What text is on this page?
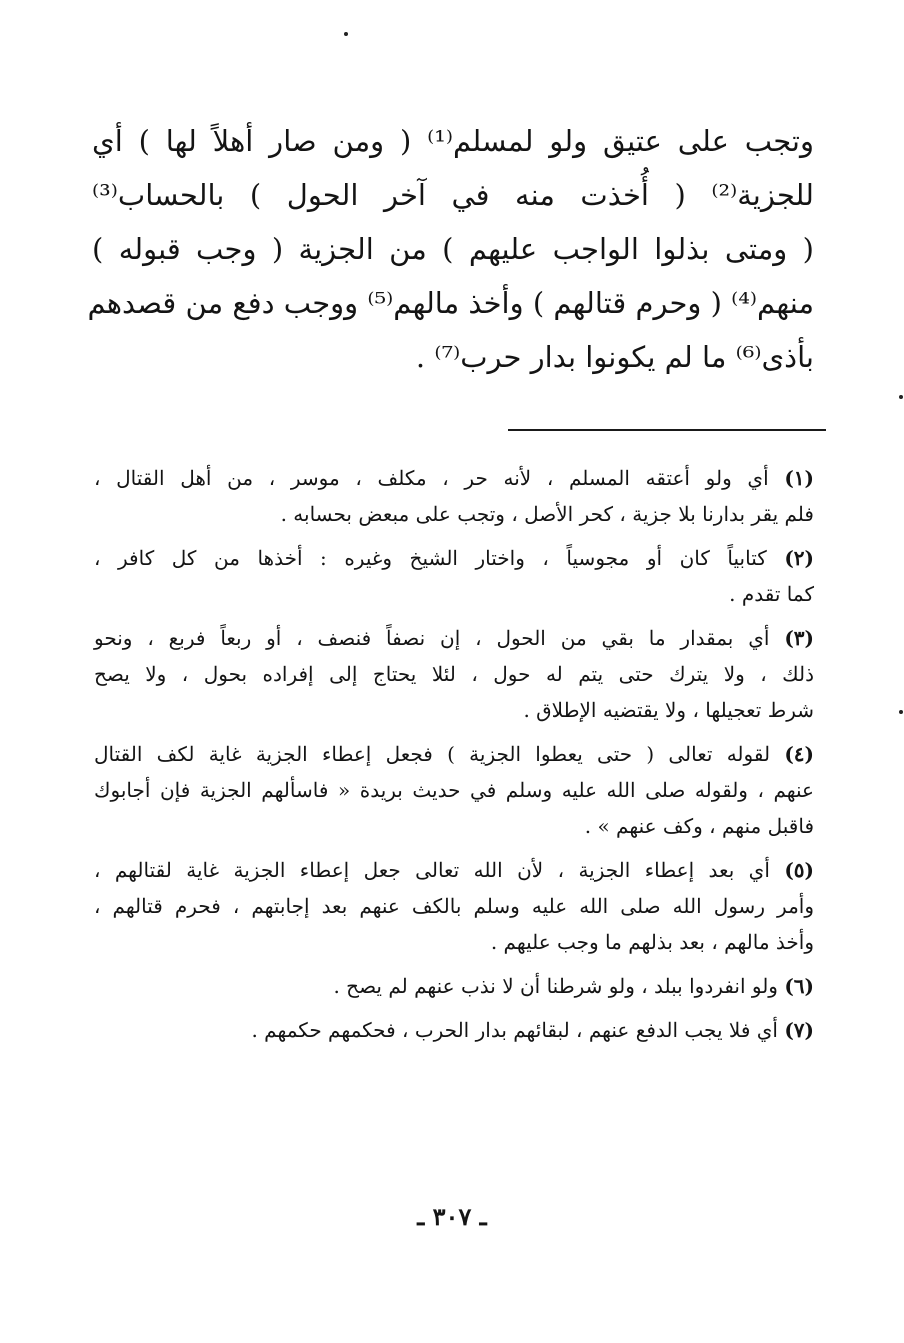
وتجب على عتيق ولو لمسلم⁽¹⁾ ( ومن صار أهلاً لها ) أي
للجزية⁽²⁾ ( أُخذت منه في آخر الحول ) بالحساب⁽³⁾
( ومتى بذلوا الواجب عليهم ) من الجزية ( وجب قبوله )
منهم⁽⁴⁾ ( وحرم قتالهم ) وأخذ مالهم⁽⁵⁾ ووجب دفع من قصدهم
بأذى⁽⁶⁾ ما لم يكونوا بدار حرب⁽⁷⁾ .
(١) أي ولو أعتقه المسلم ، لأنه حر ، مكلف ، موسر ، من أهل القتال ،
فلم يقر بدارنا بلا جزية ، كحر الأصل ، وتجب على مبعض بحسابه .
(٢) كتابياً كان أو مجوسياً ، واختار الشيخ وغيره : أخذها من كل كافر ،
كما تقدم .
(٣) أي بمقدار ما بقي من الحول ، إن نصفاً فنصف ، أو ربعاً فربع ، ونحو
ذلك ، ولا يترك حتى يتم له حول ، لئلا يحتاج إلى إفراده بحول ، ولا يصح
شرط تعجيلها ، ولا يقتضيه الإطلاق .
(٤) لقوله تعالى ( حتى يعطوا الجزية ) فجعل إعطاء الجزية غاية لكف القتال
عنهم ، ولقوله صلى الله عليه وسلم في حديث بريدة « فاسألهم الجزية فإن أجابوك
فاقبل منهم ، وكف عنهم » .
(٥) أي بعد إعطاء الجزية ، لأن الله تعالى جعل إعطاء الجزية غاية لقتالهم ،
وأمر رسول الله صلى الله عليه وسلم بالكف عنهم بعد إجابتهم ، فحرم قتالهم ،
وأخذ مالهم ، بعد بذلهم ما وجب عليهم .
(٦) ولو انفردوا ببلد ، ولو شرطنا أن لا نذب عنهم لم يصح .
(٧) أي فلا يجب الدفع عنهم ، لبقائهم بدار الحرب ، فحكمهم حكمهم .
ـ ٣٠٧ ـ
